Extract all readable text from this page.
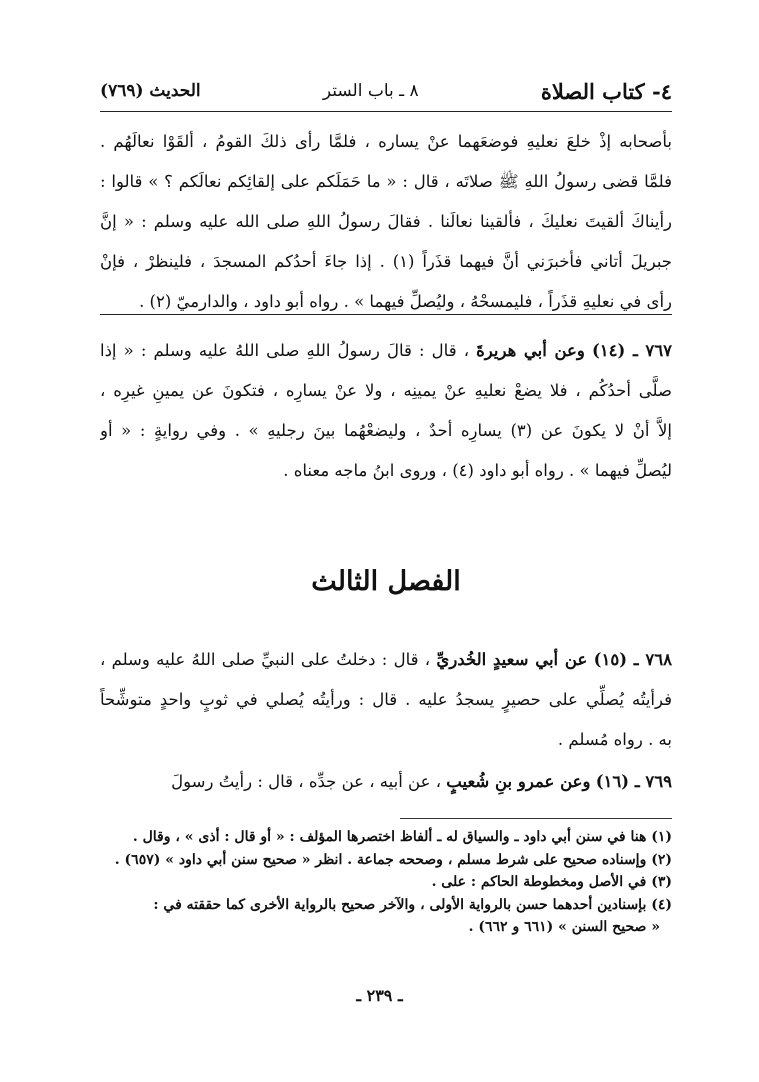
٤- كتاب الصلاة
٨ ـ باب الستر
الحديث (٧٦٩)
بأصحابه إذْ خلعَ نعليهِ فوضعَهما عنْ يساره ، فلمَّا رأى ذلكَ القومُ ، ألقَوْا نعالَهُم .
فلمَّا قضى رسولُ اللهِ ﷺ صلاتَه ، قال : « ما حَمَلَكم على إلقائِكم نعالَكم ؟ » قالوا :
رأيناكَ ألقيتَ نعليكَ ، فألقينا نعالَنا . فقالَ رسولُ اللهِ صلى الله عليه وسلم : « إنَّ
جبريلَ أتاني فأخبرَني أنَّ فيهما قذَراً (١) . إذا جاءَ أحدُكم المسجدَ ، فلينظرْ ، فإنْ
رأى في نعليهِ قذَراً ، فليمسحْهُ ، وليُصلِّ فيهما » . رواه أبو داود ، والدارميّ (٢) .
٧٦٧ ـ (١٤) وعن أبي هريرةَ ، قال : قالَ رسولُ اللهِ صلى اللهُ عليه وسلم : « إذا
صلَّى أحدُكُم ، فلا يضعْ نعليهِ عنْ يمينِه ، ولا عنْ يسارِه ، فتكونَ عن يمينِ غيرِه ،
إلاَّ أنْ لا يكونَ عن (٣) يسارِه أحدٌ ، وليضعْهُما بينَ رجليهِ » . وفي روايةٍ : « أو
ليُصلِّ فيهما » . رواه أبو داود (٤) ، وروى ابنُ ماجه معناه .
الفصل الثالث
٧٦٨ ـ (١٥) عن أبي سعيدٍ الخُدريِّ ، قال : دخلتُ على النبيِّ صلى اللهُ عليه وسلم ،
فرأيتُه يُصلِّي على حصيرٍ يسجدُ عليه . قال : ورأيتُه يُصلي في ثوبٍ واحدٍ متوشِّحاً
به . رواه مُسلم .
٧٦٩ ـ (١٦) وعن عمرو بنِ شُعيبٍ ، عن أبيه ، عن جدِّه ، قال : رأيتُ رسولَ
(١) هنا في سنن أبي داود ـ والسياق له ـ ألفاظ اختصرها المؤلف : « أو قال : أذى » ، وقال .
(٢) وإسناده صحيح على شرط مسلم ، وصححه جماعة . انظر « صحيح سنن أبي داود » (٦٥٧) .
(٣) في الأصل ومخطوطة الحاكم : على .
(٤) بإسنادين أحدهما حسن بالرواية الأولى ، والآخر صحيح بالرواية الأخرى كما حققته في :
« صحيح السنن » (٦٦١ و ٦٦٢) .
ـ ٢٣٩ ـ
